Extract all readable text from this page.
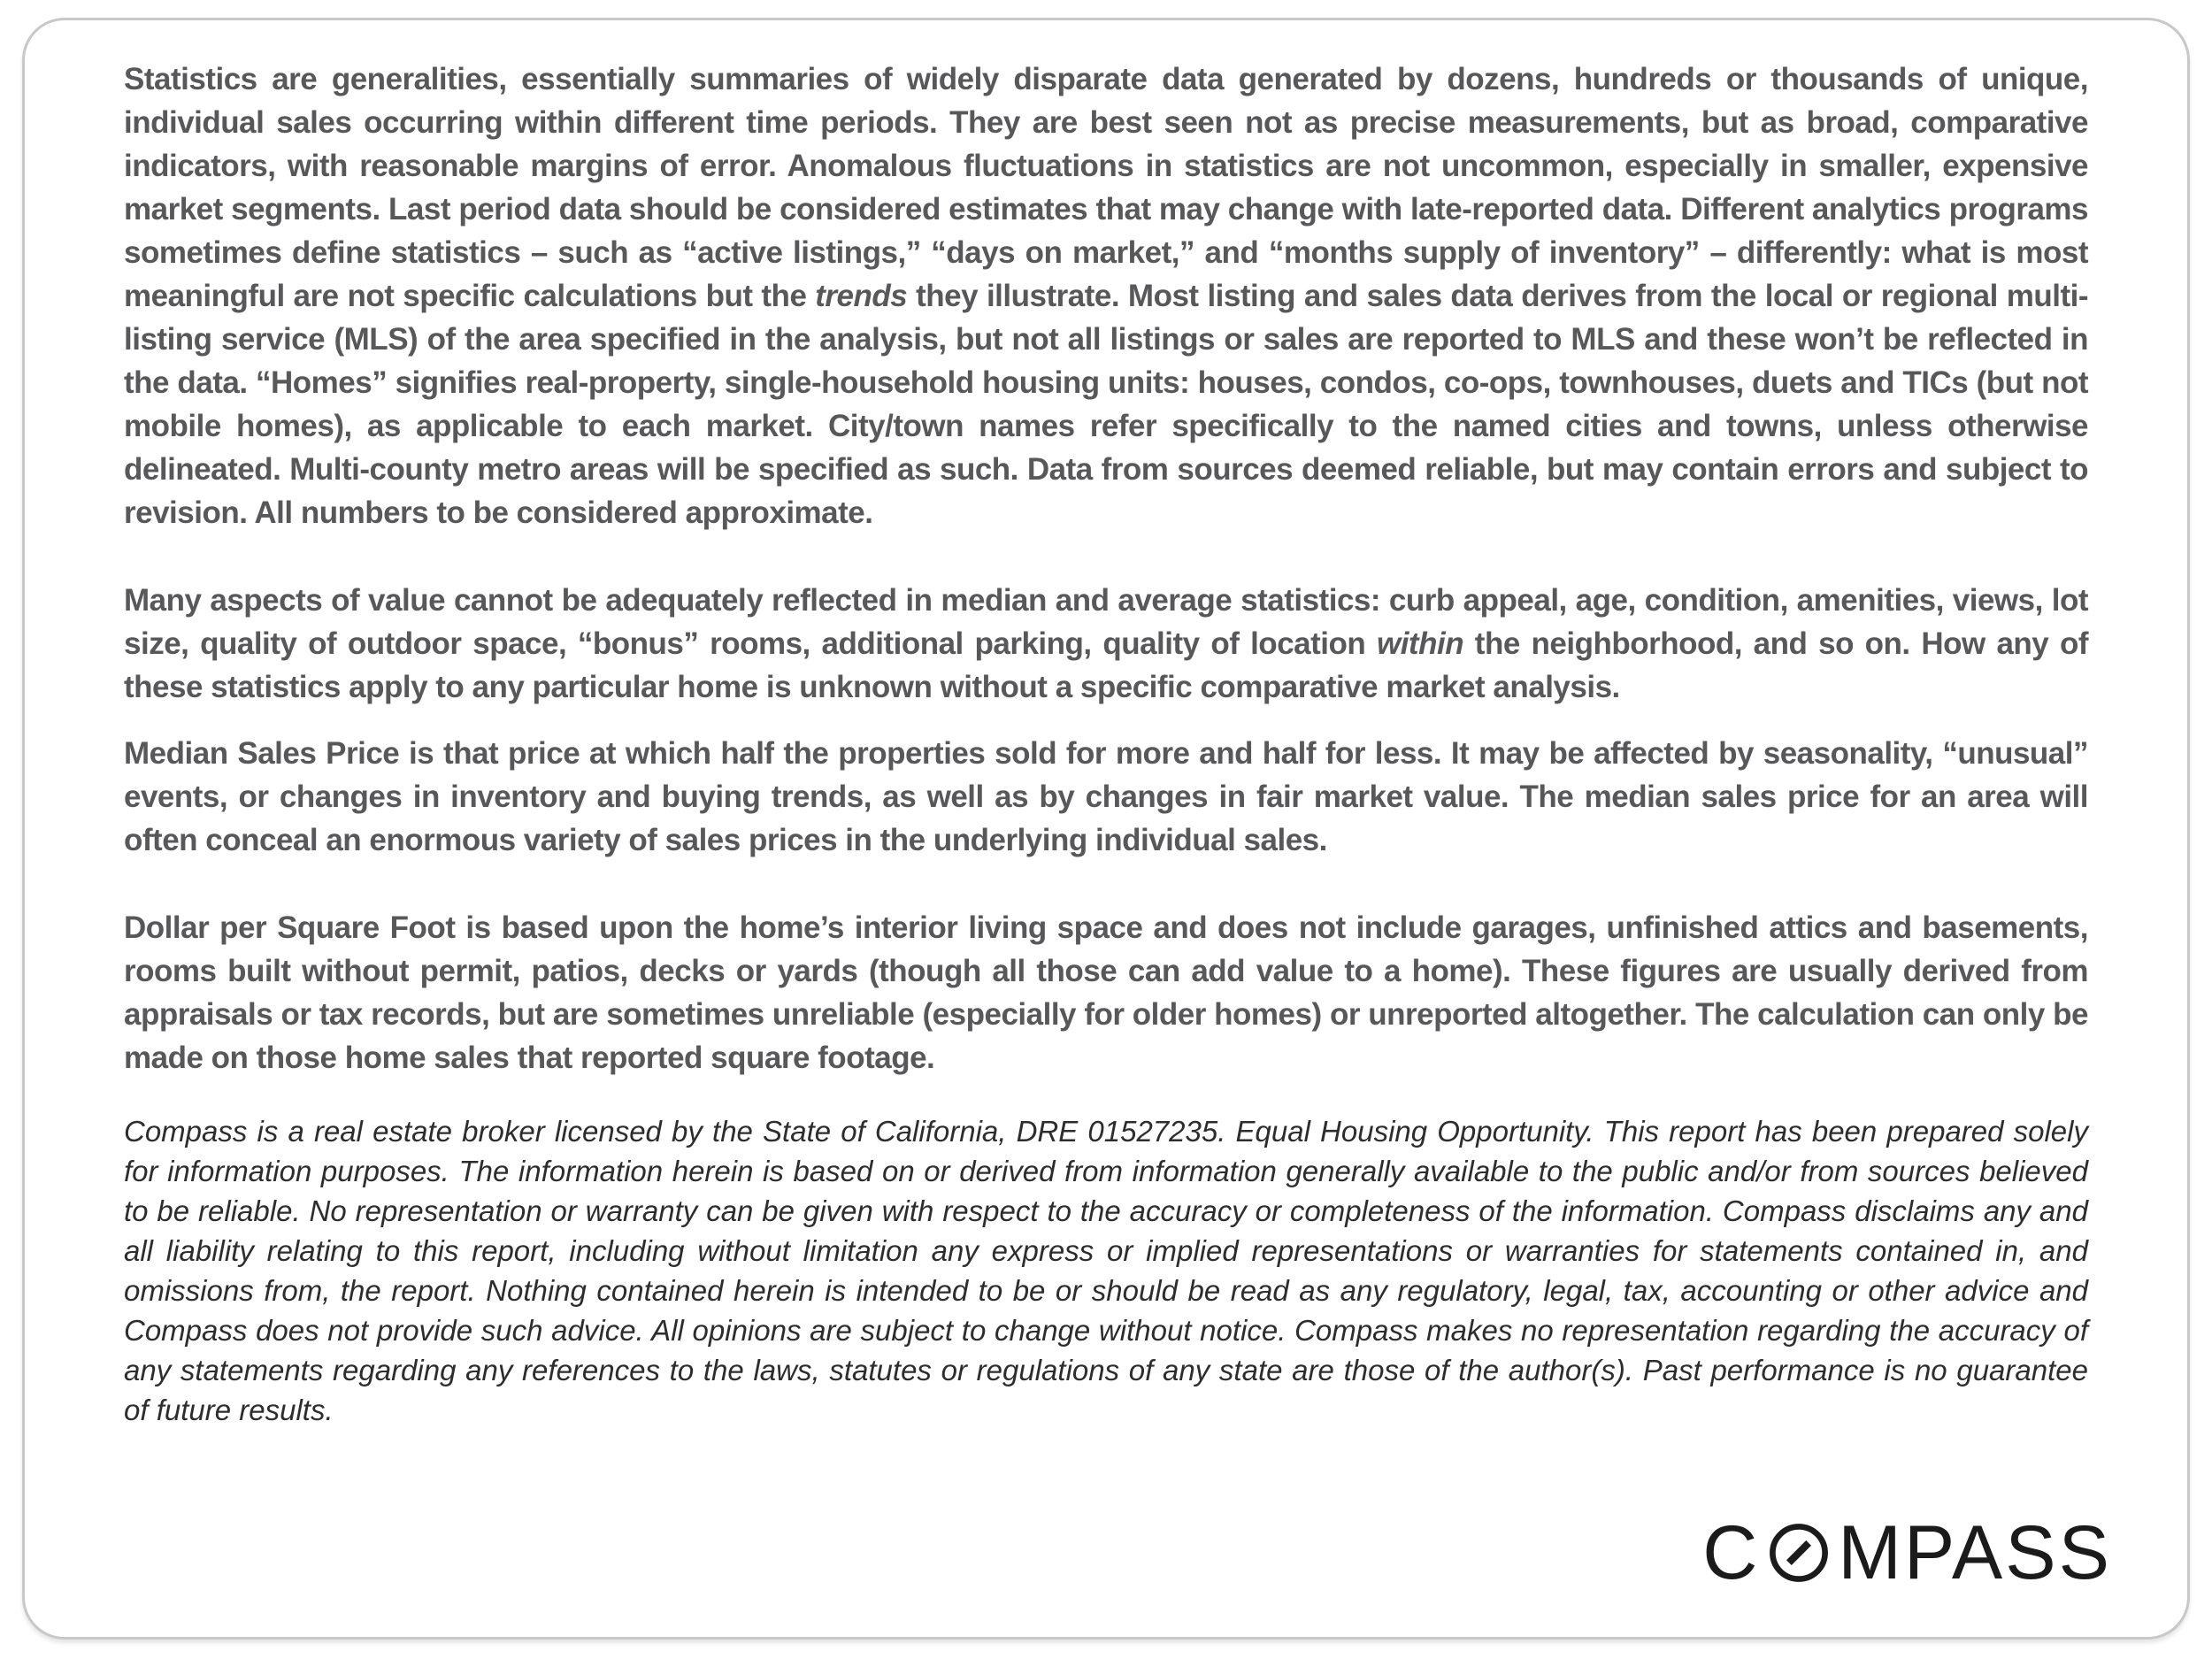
Statistics are generalities, essentially summaries of widely disparate data generated by dozens, hundreds or thousands of unique, individual sales occurring within different time periods. They are best seen not as precise measurements, but as broad, comparative indicators, with reasonable margins of error. Anomalous fluctuations in statistics are not uncommon, especially in smaller, expensive market segments. Last period data should be considered estimates that may change with late-reported data. Different analytics programs sometimes define statistics – such as “active listings,” “days on market,” and “months supply of inventory” – differently: what is most meaningful are not specific calculations but the trends they illustrate. Most listing and sales data derives from the local or regional multi-listing service (MLS) of the area specified in the analysis, but not all listings or sales are reported to MLS and these won’t be reflected in the data. “Homes” signifies real-property, single-household housing units: houses, condos, co-ops, townhouses, duets and TICs (but not mobile homes), as applicable to each market. City/town names refer specifically to the named cities and towns, unless otherwise delineated. Multi-county metro areas will be specified as such. Data from sources deemed reliable, but may contain errors and subject to revision. All numbers to be considered approximate.

Many aspects of value cannot be adequately reflected in median and average statistics: curb appeal, age, condition, amenities, views, lot size, quality of outdoor space, “bonus” rooms, additional parking, quality of location within the neighborhood, and so on. How any of these statistics apply to any particular home is unknown without a specific comparative market analysis.

Median Sales Price is that price at which half the properties sold for more and half for less. It may be affected by seasonality, “unusual” events, or changes in inventory and buying trends, as well as by changes in fair market value. The median sales price for an area will often conceal an enormous variety of sales prices in the underlying individual sales.

Dollar per Square Foot is based upon the home’s interior living space and does not include garages, unfinished attics and basements, rooms built without permit, patios, decks or yards (though all those can add value to a home). These figures are usually derived from appraisals or tax records, but are sometimes unreliable (especially for older homes) or unreported altogether. The calculation can only be made on those home sales that reported square footage.

Compass is a real estate broker licensed by the State of California, DRE 01527235. Equal Housing Opportunity. This report has been prepared solely for information purposes. The information herein is based on or derived from information generally available to the public and/or from sources believed to be reliable. No representation or warranty can be given with respect to the accuracy or completeness of the information. Compass disclaims any and all liability relating to this report, including without limitation any express or implied representations or warranties for statements contained in, and omissions from, the report. Nothing contained herein is intended to be or should be read as any regulatory, legal, tax, accounting or other advice and Compass does not provide such advice. All opinions are subject to change without notice. Compass makes no representation regarding the accuracy of any statements regarding any references to the laws, statutes or regulations of any state are those of the author(s). Past performance is no guarantee of future results.

C MPASS
